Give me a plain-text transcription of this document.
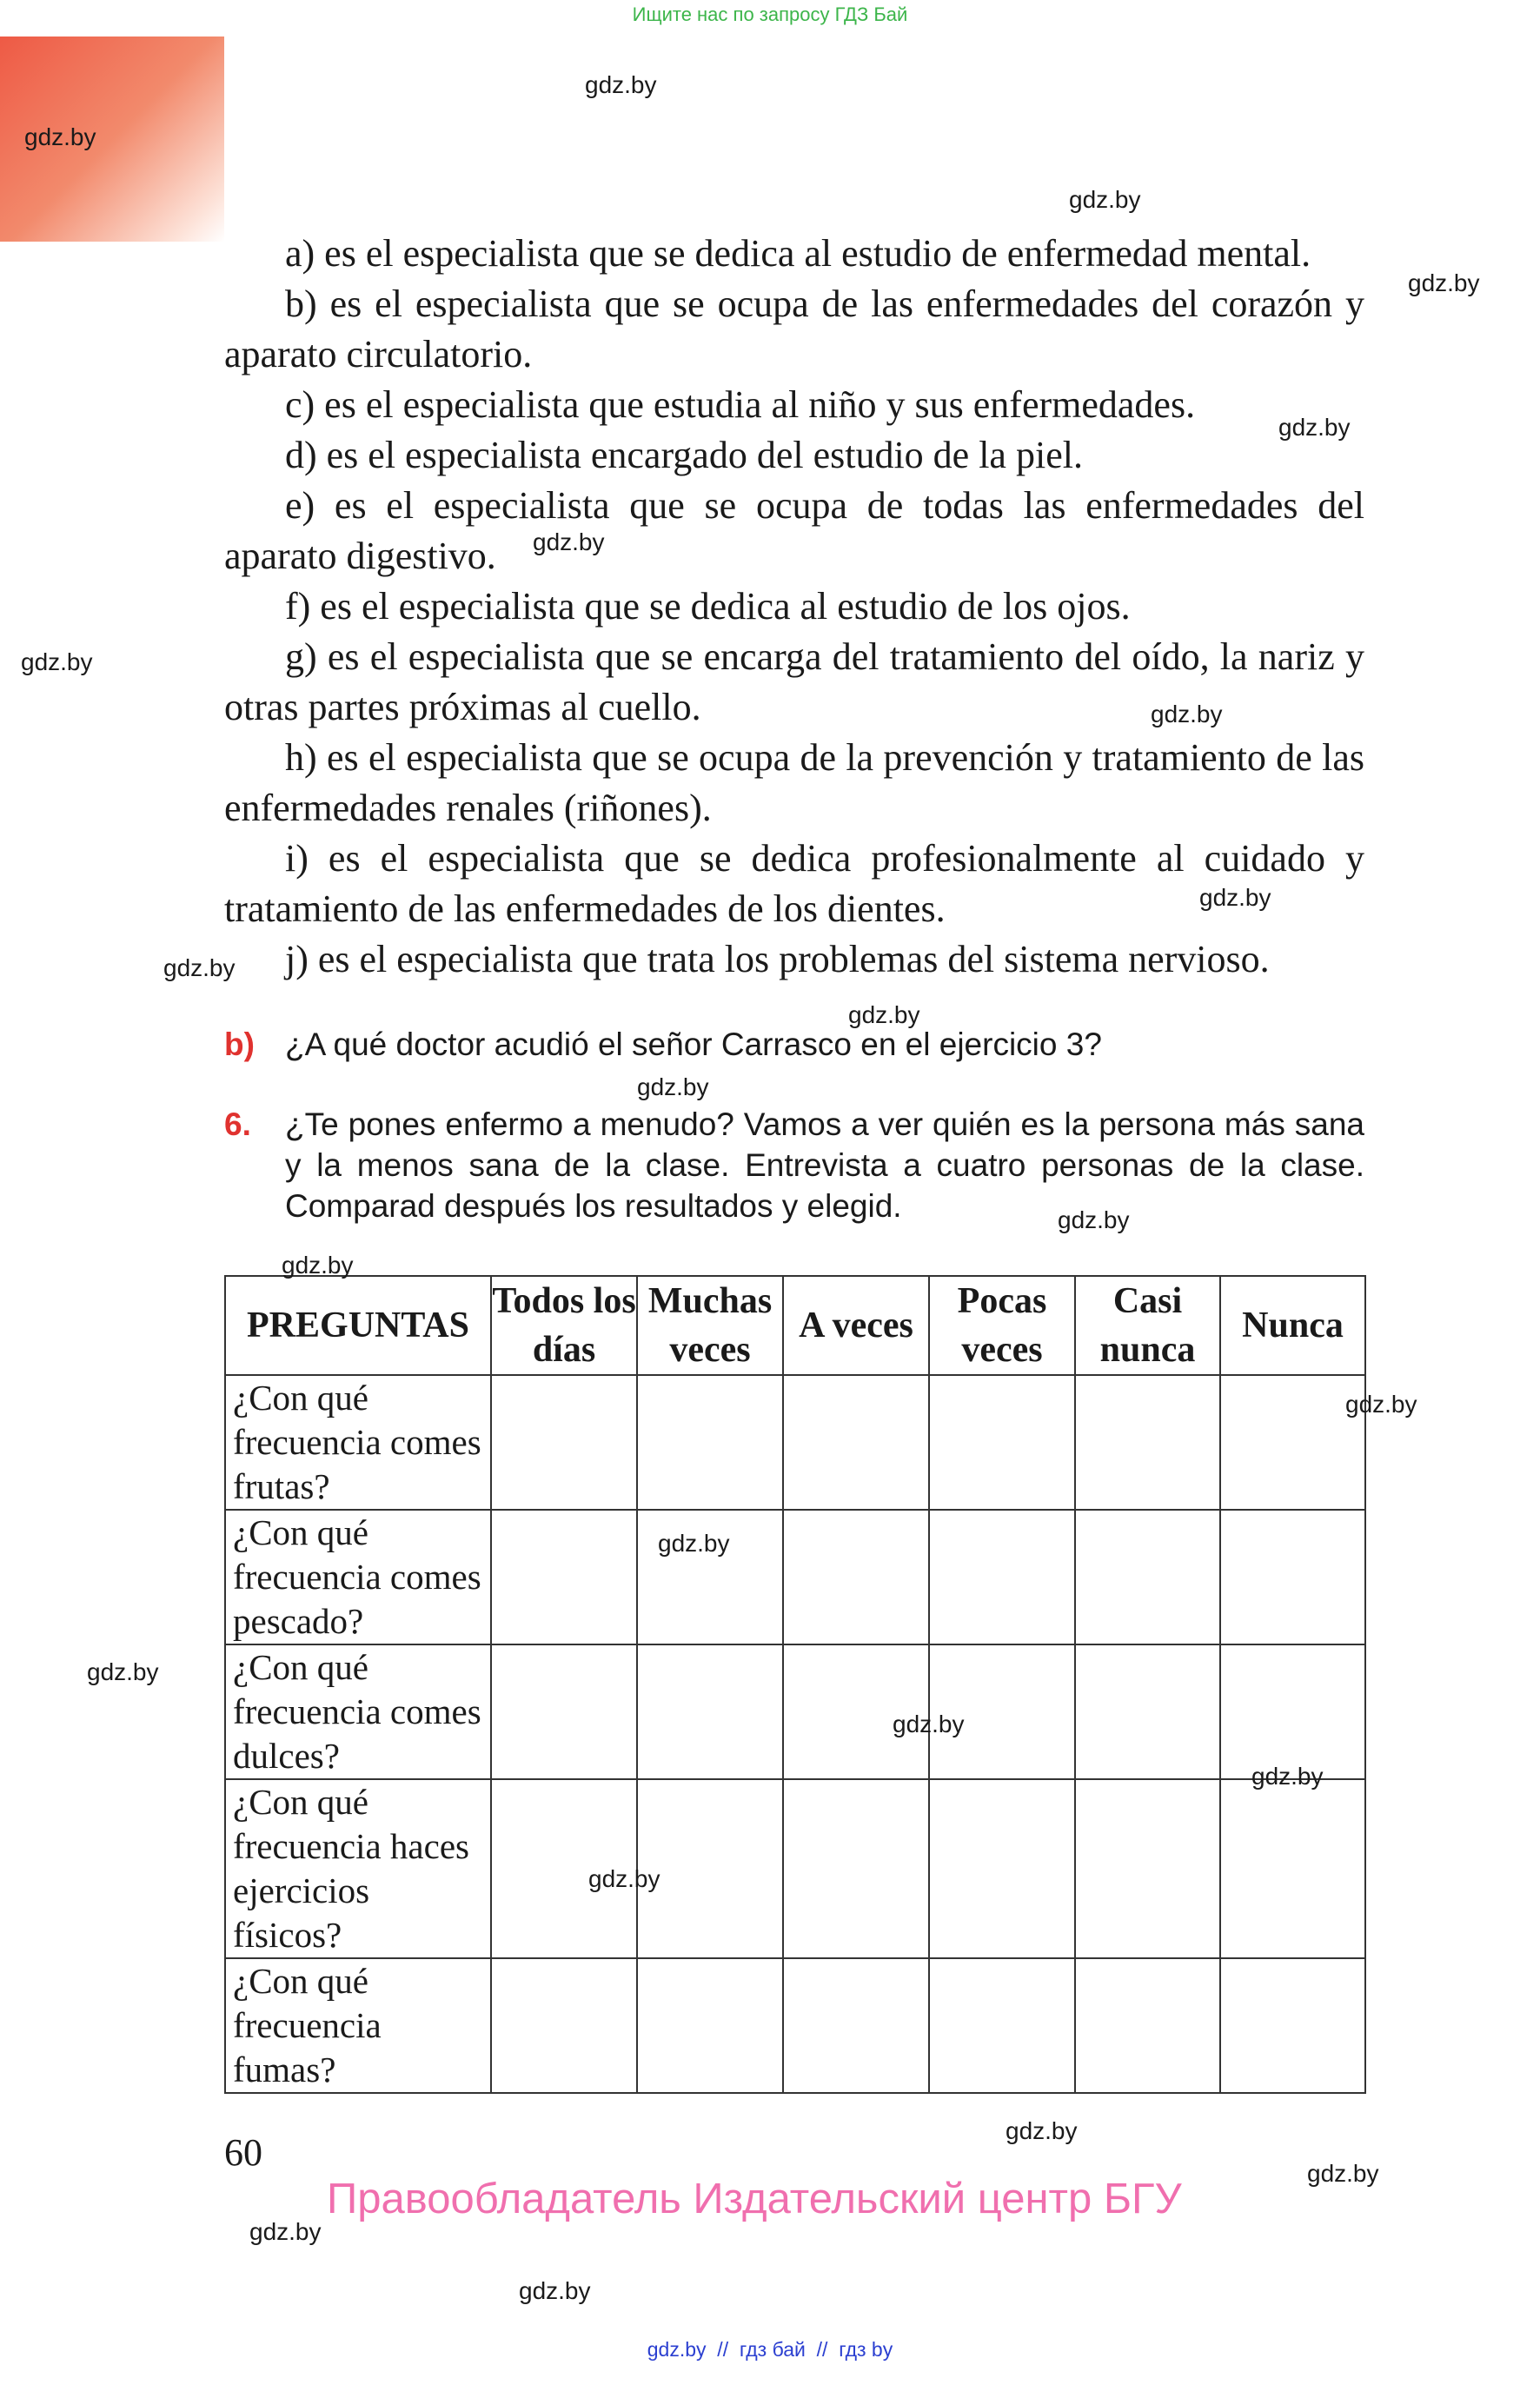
Ищите нас по запросу ГДЗ Бай

a) es el especialista que se dedica al estudio de enfermedad mental.

b) es el especialista que se ocupa de las enfermedades del corazón y aparato circulatorio.

c) es el especialista que estudia al niño y sus enfermedades.

d) es el especialista encargado del estudio de la piel.

e) es el especialista que se ocupa de todas las enfermedades del aparato digestivo.

f) es el especialista que se dedica al estudio de los ojos.

g) es el especialista que se encarga del tratamiento del oído, la nariz y otras partes próximas al cuello.

h) es el especialista que se ocupa de la prevención y tratamiento de las enfermedades renales (riñones).

i) es el especialista que se dedica profesionalmente al cuidado y tratamiento de las enfermedades de los dientes.

j) es el especialista que trata los problemas del sistema nervioso.

b) ¿A qué doctor acudió el señor Carrasco en el ejercicio 3?
6. ¿Te pones enfermo a menudo? Vamos a ver quién es la persona más sana y la menos sana de la clase. Entrevista a cuatro personas de la clase. Comparad después los resultados y elegid.
PREGUNTAS	Todos los días	Muchas veces	A veces	Pocas veces	Casi nunca	Nunca
¿Con qué frecuencia comes frutas?						
¿Con qué frecuencia comes pescado?						
¿Con qué frecuencia comes dulces?						
¿Con qué frecuencia haces ejercicios físicos?						
¿Con qué frecuencia fumas?						
60
Правообладатель Издательский центр БГУ
gdz.by  //  гдз бай  //  гдз by
gdz.by
gdz.by
gdz.by
gdz.by
gdz.by
gdz.by
gdz.by
gdz.by
gdz.by
gdz.by
gdz.by
gdz.by
gdz.by
gdz.by
gdz.by
gdz.by
gdz.by
gdz.by
gdz.by
gdz.by
gdz.by
gdz.by
gdz.by
gdz.by
